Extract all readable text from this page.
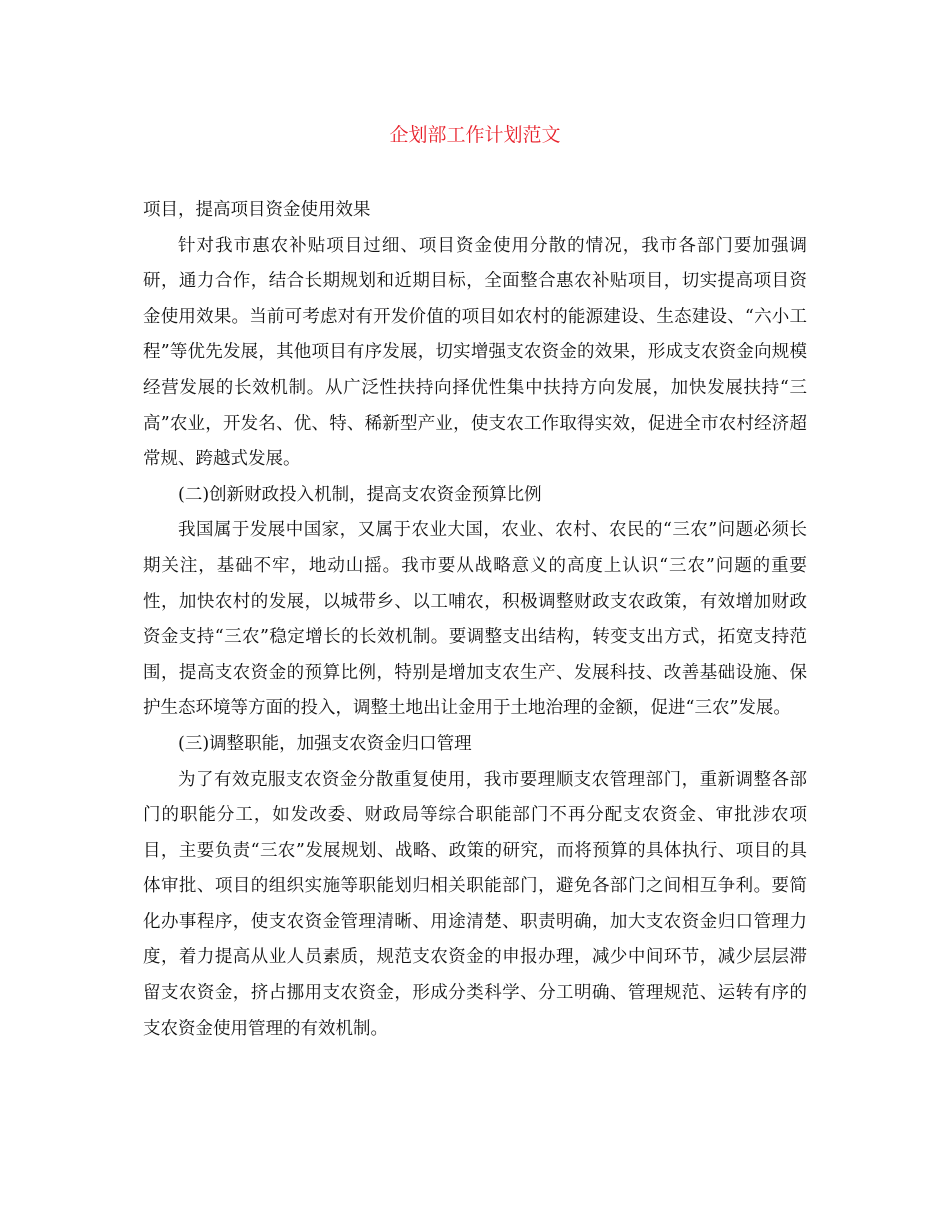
企划部工作计划范文

项目，提高项目资金使用效果

针对我市惠农补贴项目过细、项目资金使用分散的情况，我市各部门要加强调研，通力合作，结合长期规划和近期目标，全面整合惠农补贴项目，切实提高项目资金使用效果。当前可考虑对有开发价值的项目如农村的能源建设、生态建设、“六小工程”等优先发展，其他项目有序发展，切实增强支农资金的效果，形成支农资金向规模经营发展的长效机制。从广泛性扶持向择优性集中扶持方向发展，加快发展扶持“三高”农业，开发名、优、特、稀新型产业，使支农工作取得实效，促进全市农村经济超常规、跨越式发展。

(二)创新财政投入机制，提高支农资金预算比例

我国属于发展中国家，又属于农业大国，农业、农村、农民的“三农”问题必须长期关注，基础不牢，地动山摇。我市要从战略意义的高度上认识“三农”问题的重要性，加快农村的发展，以城带乡、以工哺农，积极调整财政支农政策，有效增加财政资金支持“三农”稳定增长的长效机制。要调整支出结构，转变支出方式，拓宽支持范围，提高支农资金的预算比例，特别是增加支农生产、发展科技、改善基础设施、保护生态环境等方面的投入，调整土地出让金用于土地治理的金额，促进“三农”发展。

(三)调整职能，加强支农资金归口管理

为了有效克服支农资金分散重复使用，我市要理顺支农管理部门，重新调整各部门的职能分工，如发改委、财政局等综合职能部门不再分配支农资金、审批涉农项目，主要负责“三农”发展规划、战略、政策的研究，而将预算的具体执行、项目的具体审批、项目的组织实施等职能划归相关职能部门，避免各部门之间相互争利。要简化办事程序，使支农资金管理清晰、用途清楚、职责明确，加大支农资金归口管理力度，着力提高从业人员素质，规范支农资金的申报办理，减少中间环节，减少层层滞留支农资金，挤占挪用支农资金，形成分类科学、分工明确、管理规范、运转有序的支农资金使用管理的有效机制。
